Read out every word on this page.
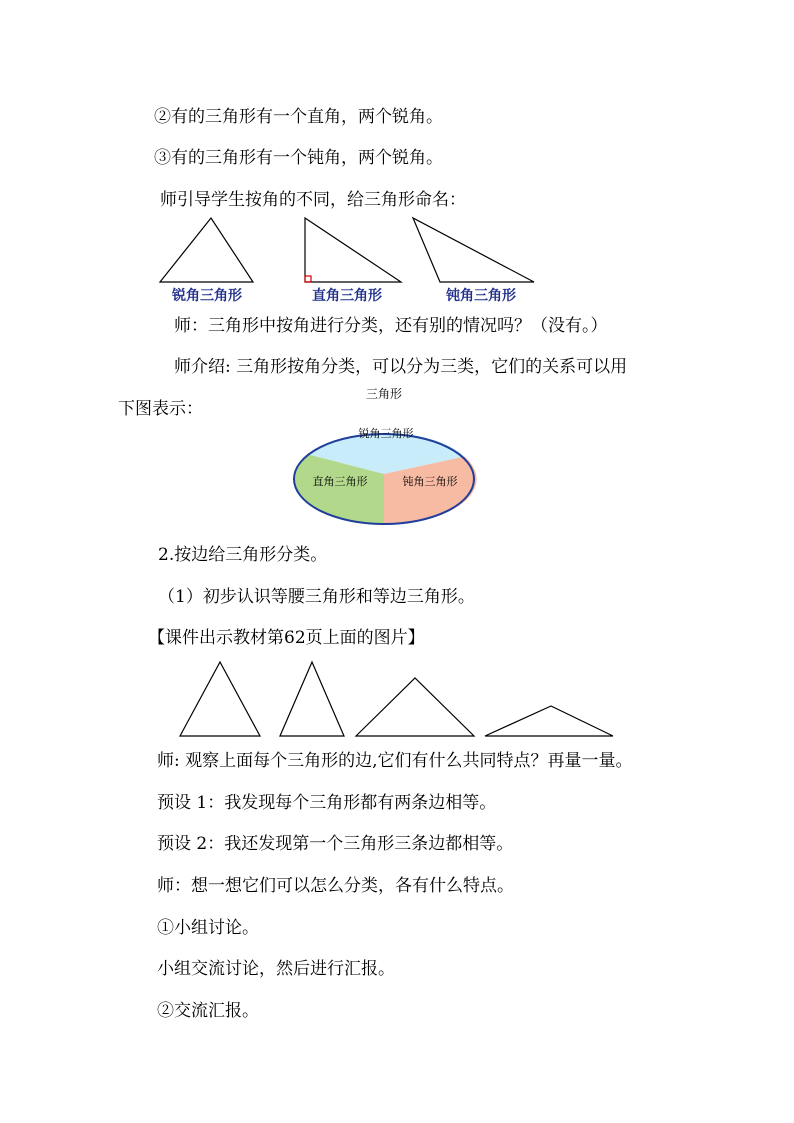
②有的三角形有一个直角，两个锐角。
③有的三角形有一个钝角，两个锐角。
师引导学生按角的不同，给三角形命名：
锐角三角形	直角三角形	钝角三角形
师：三角形中按角进行分类，还有别的情况吗？（没有。）
师介绍: 三角形按角分类，可以分为三类，它们的关系可以用
下图表示：
三角形
锐角三角形
直角三角形	钝角三角形
2.按边给三角形分类。
（1）初步认识等腰三角形和等边三角形。
【课件出示教材第62页上面的图片】
师: 观察上面每个三角形的边,它们有什么共同特点？再量一量。
预设 1：我发现每个三角形都有两条边相等。
预设 2：我还发现第一个三角形三条边都相等。
师：想一想它们可以怎么分类，各有什么特点。
①小组讨论。
小组交流讨论，然后进行汇报。
②交流汇报。
